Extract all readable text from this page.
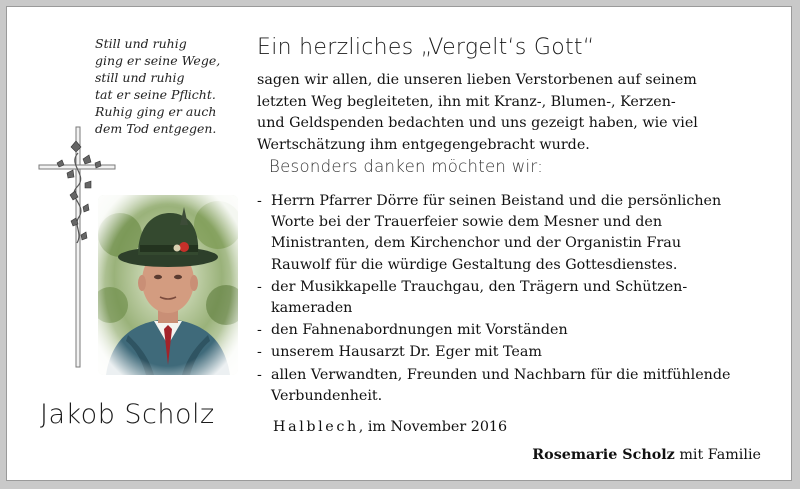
Still und ruhig
ging er seine Wege,
still und ruhig
tat er seine Pflicht.
Ruhig ging er auch
dem Tod entgegen.
Jakob Scholz
Ein herzliches „Vergelt‘s Gott“
sagen wir allen, die unseren lieben Verstorbenen auf seinem
letzten Weg begleiteten, ihn mit Kranz-, Blumen-, Kerzen-
und Geldspenden bedachten und uns gezeigt haben, wie viel
Wertschätzung ihm entgegengebracht wurde.
Besonders danken möchten wir:
- Herrn Pfarrer Dörre für seinen Beistand und die persönlichen
Worte bei der Trauerfeier sowie dem Mesner und den
Ministranten, dem Kirchenchor und der Organistin Frau
Rauwolf für die würdige Gestaltung des Gottesdienstes.
- der Musikkapelle Trauchgau, den Trägern und Schützen-
kameraden
- den Fahnenabordnungen mit Vorständen
- unserem Hausarzt Dr. Eger mit Team
- allen Verwandten, Freunden und Nachbarn für die mitfühlende
Verbundenheit.
Halblech, im November 2016
Rosemarie Scholz mit Familie
